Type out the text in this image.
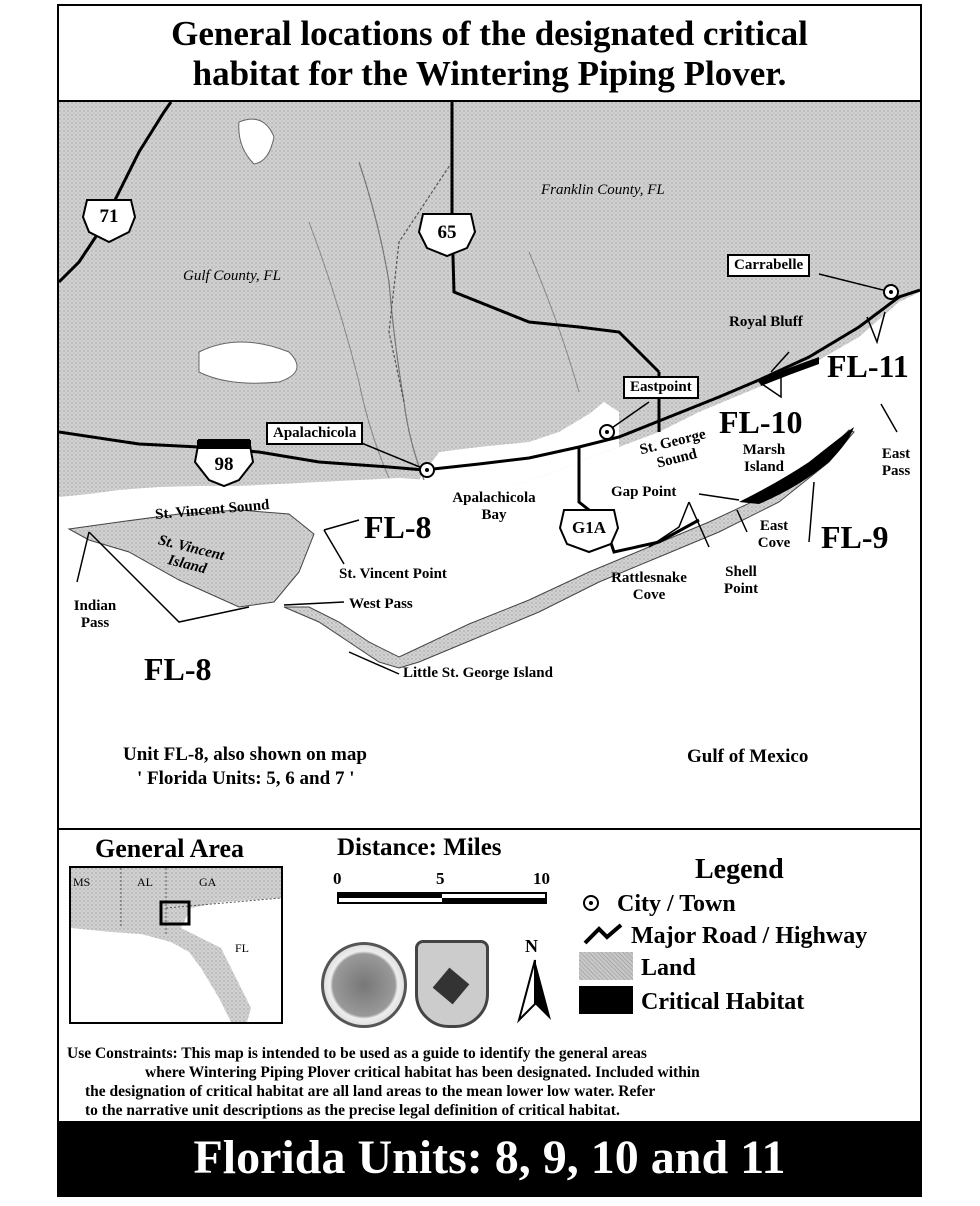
General locations of the designated critical
habitat for the Wintering Piping Plover.
71
65
98
G1A
Franklin County, FL
Gulf County, FL
Carrabelle
Eastpoint
Apalachicola
Royal Bluff
FL-11
FL-10
FL-9
FL-8
FL-8
St. George Sound	Marsh Island
East Pass
Apalachicola Bay
St. Vincent Sound
St. Vincent Island	St. Vincent Point
West Pass
Indian Pass
Little St. George Island
Gap Point
East Cove
Rattlesnake Cove
Shell Point
Unit FL-8, also shown on map
' Florida Units: 5, 6 and 7 '
Gulf of Mexico
General Area
MS	AL	GA
FL
Distance: Miles
0	5	10
N
Legend
City / Town
Major Road / Highway
Land
Critical Habitat
Use Constraints: This map is intended to be used as a guide to identify the general areas
where Wintering Piping Plover critical habitat has been designated. Included within
the designation of critical habitat are all land areas to the mean lower low water. Refer
to the narrative unit descriptions as the precise legal definition of critical habitat.
Florida Units: 8, 9, 10 and 11
